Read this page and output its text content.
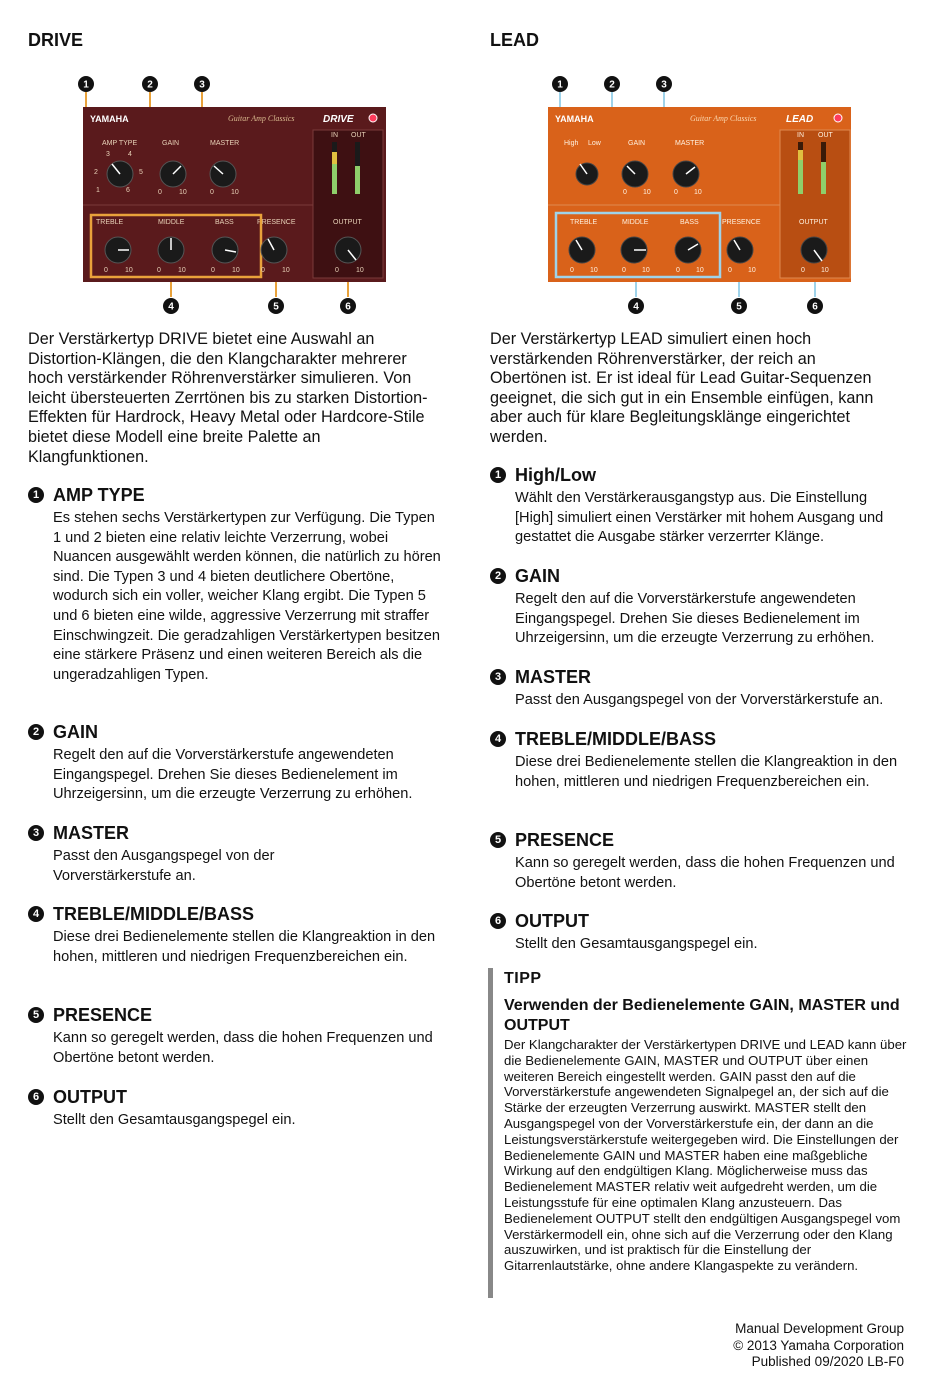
DRIVE
YAMAHA	Guitar Amp Classics	DRIVE
AMP TYPE	GAIN	MASTER
TREBLE	MIDDLE	BASS	PRESENCE	OUTPUT
IN OUT
0 10	0 10
0 10	0 10	0 10	0 10	0 10
1
2
3	4
5
6
1	2	3
4	5	6
Der Verstärkertyp DRIVE bietet eine Auswahl an Distortion-Klängen, die den Klangcharakter mehrerer hoch verstärkender Röhrenverstärker simulieren. Von leicht übersteuerten Zerrtönen bis zu starken Distortion-Effekten für Hardrock, Heavy Metal oder Hardcore-Stile bietet diese Modell eine breite Palette an Klangfunktionen.
1 AMP TYPE
Es stehen sechs Verstärkertypen zur Verfügung. Die Typen 1 und 2 bieten eine relativ leichte Verzerrung, wobei Nuancen ausgewählt werden können, die natürlich zu hören sind. Die Typen 3 und 4 bieten deutlichere Obertöne, wodurch sich ein voller, weicher Klang ergibt. Die Typen 5 und 6 bieten eine wilde, aggressive Verzerrung mit straffer Einschwingzeit. Die geradzahligen Verstärkertypen besitzen eine stärkere Präsenz und einen weiteren Bereich als die ungeradzahligen Typen.
2 GAIN
Regelt den auf die Vorverstärkerstufe angewendeten Eingangspegel. Drehen Sie dieses Bedienelement im Uhrzeigersinn, um die erzeugte Verzerrung zu erhöhen.
3 MASTER
Passt den Ausgangspegel von der Vorverstärkerstufe an.
4 TREBLE/MIDDLE/BASS
Diese drei Bedienelemente stellen die Klangreaktion in den hohen, mittleren und niedrigen Frequenzbereichen ein.
5 PRESENCE
Kann so geregelt werden, dass die hohen Frequenzen und Obertöne betont werden.
6 OUTPUT
Stellt den Gesamtausgangspegel ein.
LEAD
YAMAHA	Guitar Amp Classics	LEAD
High Low	GAIN	MASTER
TREBLE	MIDDLE	BASS	PRESENCE	OUTPUT
IN OUT
0 10	0 10
0 10	0 10	0 10	0 10	0 10
1	2	3
4	5	6
Der Verstärkertyp LEAD simuliert einen hoch verstärkenden Röhrenverstärker, der reich an Obertönen ist. Er ist ideal für Lead Guitar-Sequenzen geeignet, die sich gut in ein Ensemble einfügen, kann aber auch für klare Begleitungsklänge eingerichtet werden.
1 High/Low
Wählt den Verstärkerausgangstyp aus. Die Einstellung [High] simuliert einen Verstärker mit hohem Ausgang und gestattet die Ausgabe stärker verzerrter Klänge.
2 GAIN
Regelt den auf die Vorverstärkerstufe angewendeten Eingangspegel. Drehen Sie dieses Bedienelement im Uhrzeigersinn, um die erzeugte Verzerrung zu erhöhen.
3 MASTER
Passt den Ausgangspegel von der Vorverstärkerstufe an.
4 TREBLE/MIDDLE/BASS
Diese drei Bedienelemente stellen die Klangreaktion in den hohen, mittleren und niedrigen Frequenzbereichen ein.
5 PRESENCE
Kann so geregelt werden, dass die hohen Frequenzen und Obertöne betont werden.
6 OUTPUT
Stellt den Gesamtausgangspegel ein.
TIPP
Verwenden der Bedienelemente GAIN, MASTER und OUTPUT
Der Klangcharakter der Verstärkertypen DRIVE und LEAD kann über die Bedienelemente GAIN, MASTER und OUTPUT über einen weiteren Bereich eingestellt werden. GAIN passt den auf die Vorverstärkerstufe angewendeten Signalpegel an, der sich auf die Stärke der erzeugten Verzerrung auswirkt. MASTER stellt den Ausgangspegel von der Vorverstärkerstufe ein, der dann an die Leistungsverstärkerstufe weitergegeben wird. Die Einstellungen der Bedienelemente GAIN und MASTER haben eine maßgebliche Wirkung auf den endgültigen Klang. Möglicherweise muss das Bedienelement MASTER relativ weit aufgedreht werden, um die Leistungsstufe für eine optimalen Klang anzusteuern. Das Bedienelement OUTPUT stellt den endgültigen Ausgangspegel vom Verstärkermodell ein, ohne sich auf die Verzerrung oder den Klang auszuwirken, und ist praktisch für die Einstellung der Gitarrenlautstärke, ohne andere Klangaspekte zu verändern.
Manual Development Group
© 2013 Yamaha Corporation
Published 09/2020 LB-F0
